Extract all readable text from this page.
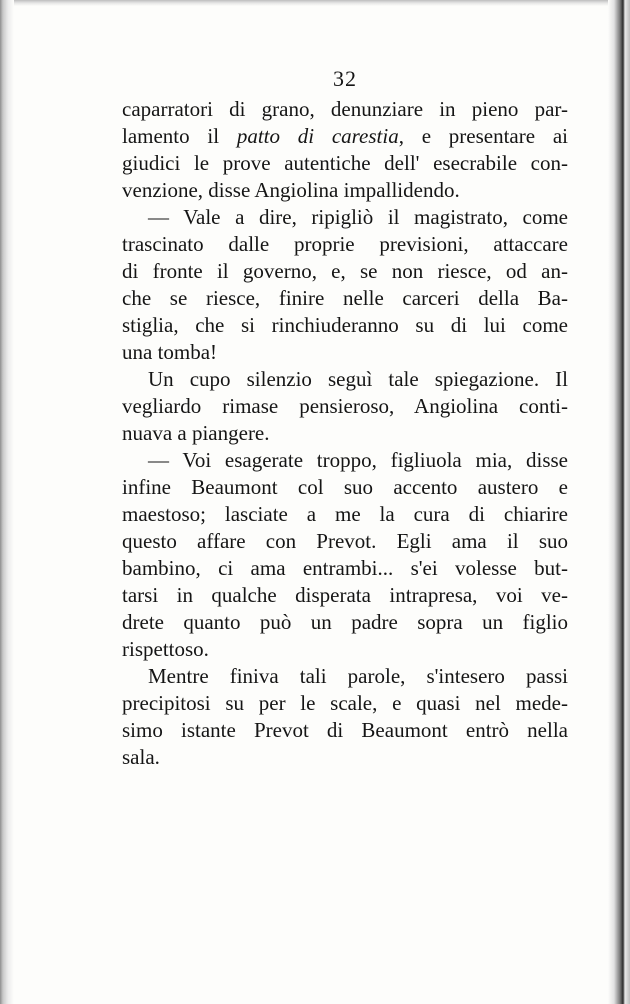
32
caparratori di grano, denunziare in pieno par-
lamento il patto di carestia, e presentare ai
giudici le prove autentiche dell' esecrabile con-
venzione, disse Angiolina impallidendo.
— Vale a dire, ripigliò il magistrato, come
trascinato dalle proprie previsioni, attaccare
di fronte il governo, e, se non riesce, od an-
che se riesce, finire nelle carceri della Ba-
stiglia, che si rinchiuderanno su di lui come
una tomba!
Un cupo silenzio seguì tale spiegazione. Il
vegliardo rimase pensieroso, Angiolina conti-
nuava a piangere.
— Voi esagerate troppo, figliuola mia, disse
infine Beaumont col suo accento austero e
maestoso; lasciate a me la cura di chiarire
questo affare con Prevot. Egli ama il suo
bambino, ci ama entrambi... s'ei volesse but-
tarsi in qualche disperata intrapresa, voi ve-
drete quanto può un padre sopra un figlio
rispettoso.
Mentre finiva tali parole, s'intesero passi
precipitosi su per le scale, e quasi nel mede-
simo istante Prevot di Beaumont entrò nella
sala.
